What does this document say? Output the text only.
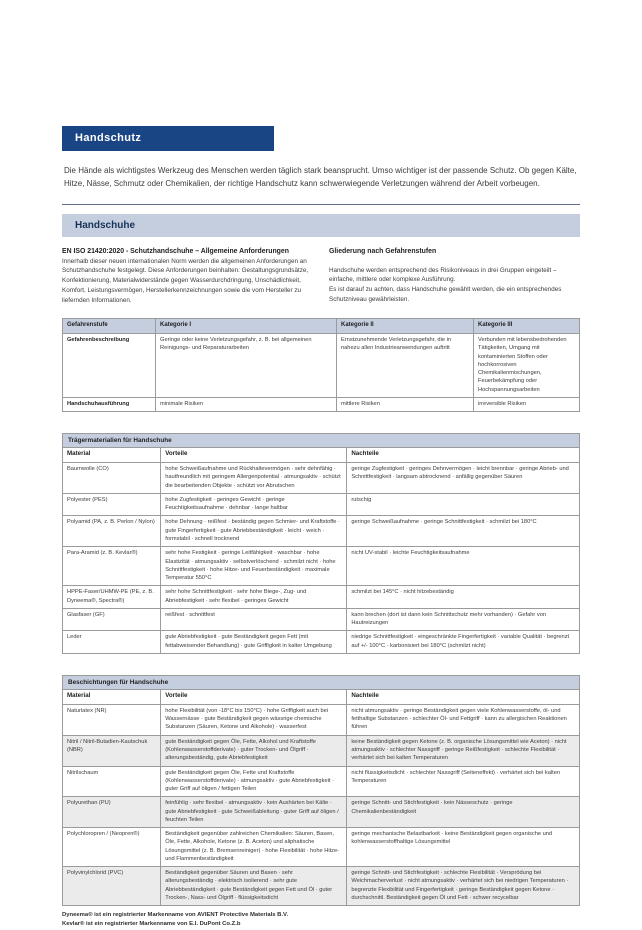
Handschutz

Die Hände als wichtigstes Werkzeug des Menschen werden täglich stark beansprucht. Umso wichtiger ist der passende Schutz. Ob gegen Kälte, Hitze, Nässe, Schmutz oder Chemikalien, der richtige Handschutz kann schwerwiegende Verletzungen während der Arbeit vorbeugen.

Handschuhe
EN ISO 21420:2020 - Schutzhandschuhe – Allgemeine Anforderungen

Innerhalb dieser neuen internationalen Norm werden die allgemeinen Anforderungen an Schutzhandschuhe festgelegt. Diese Anforderungen beinhalten: Gestaltungsgrundsätze, Konfektionierung, Materialwiderstände gegen Wasserdurchdringung, Unschädlichkeit, Komfort, Leistungsvermögen, Herstellerkennzeichnungen sowie die vom Hersteller zu liefernden Informationen.

Gliederung nach Gefahrenstufen

Handschuhe werden entsprechend des Risikoniveaus in drei Gruppen eingeteilt – einfache, mittlere oder komplexe Ausführung.

Es ist darauf zu achten, dass Handschuhe gewählt werden, die ein entsprechendes Schutzniveau gewährleisten.

Gefahrenstufe	Kategorie I	Kategorie II	Kategorie III
Gefahrenbeschreibung	Geringe oder keine Verletzungsgefahr, z. B. bei allgemeinen Reinigungs- und Reparaturarbeiten	Ernstzunehmende Verletzungsgefahr, die in nahezu allen Industrieanwendungen auftritt	Verbunden mit lebensbedrohenden Tätigkeiten, Umgang mit kontaminierten Stoffen oder hochkorrosiven Chemikalienmischungen, Feuerbekämpfung oder Hochspannungsarbeiten
Handschuhausführung	minimale Risiken	mittlere Risiken	irreversible Risiken
Trägermaterialien für Handschuhe
Material	Vorteile	Nachteile
Baumwolle (CO)	hohe Schweißaufnahme und Rückhaltevermögen · sehr dehnfähig · hautfreundlich mit geringem Allergenpotential · atmungsaktiv · schützt die bearbeitenden Objekte · schützt vor Abrutschen	geringe Zugfestigkeit · geringes Dehnvermögen · leicht brennbar · geringe Abrieb- und Schnittfestigkeit · langsam abtrocknend · anfällig gegenüber Säuren
Polyester (PES)	hohe Zugfestigkeit · geringes Gewicht · geringe Feuchtigkeitsaufnahme · dehnbar · lange haltbar	rutschig
Polyamid (PA, z. B. Perlon / Nylon)	hohe Dehnung · reißfest · beständig gegen Schmier- und Kraftstoffe · gute Fingerfertigkeit · gute Abriebbeständigkeit · leicht · weich · formstabil · schnell trocknend	geringe Schweißaufnahme · geringe Schnittfestigkeit · schmilzt bei 180°C
Para-Aramid (z. B. Kevlar®)	sehr hohe Festigkeit · geringe Leitfähigkeit · waschbar · hohe Elastizität · atmungsaktiv · selbstverlöschend · schmilzt nicht · hohe Schnittfestigkeit · hohe Hitze- und Feuerbeständigkeit · maximale Temperatur 550°C	nicht UV-stabil · leichte Feuchtigkeitsaufnahme
HPPE-Faser/UHMW-PE (PE, z. B. Dyneema®, Spectra®)	sehr hohe Schnittfestigkeit · sehr hohe Biege-, Zug- und Abriebfestigkeit · sehr flexibel · geringes Gewicht	schmilzt bei 145°C · nicht hitzebeständig
Glasfaser (GF)	reißfest · schnittfest	kann brechen (dort ist dann kein Schnittschutz mehr vorhanden) · Gefahr von Hautreizungen
Leder	gute Abriebfestigkeit · gute Beständigkeit gegen Fett (mit fettabweisender Behandlung) · gute Griffigkeit in kalter Umgebung	niedrige Schnittfestigkeit · eingeschränkte Fingerfertigkeit · variable Qualität · begrenzt auf +/- 100°C · karbonisiert bei 180°C (schmilzt nicht)
Beschichtungen für Handschuhe
Material	Vorteile	Nachteile
Naturlatex (NR)	hohe Flexibilität (von -18°C bis 150°C) · hohe Griffigkeit auch bei Wassernässe · gute Beständigkeit gegen wässrige chemische Substanzen (Säuren, Ketone und Alkohole) · wasserfest	nicht atmungsaktiv · geringe Beständigkeit gegen viele Kohlenwasserstoffe, öl- und fetthaltige Substanzen · schlechter Öl- und Fettgriff · kann zu allergischen Reaktionen führen
Nitril / Nitril-Butadien-Kautschuk (NBR)	gute Beständigkeit gegen Öle, Fette, Alkohol und Kraftstoffe (Kohlenwasserstoffderivate) · guter Trocken- und Ölgriff · alterungsbeständig, gute Abriebfestigkeit	keine Beständigkeit gegen Ketone (z. B. organische Lösungsmittel wie Aceton) · nicht atmungsaktiv · schlechter Nassgriff · geringe Reißfestigkeit · schlechte Flexibilität · verhärtet sich bei kalten Temperaturen
Nitrilschaum	gute Beständigkeit gegen Öle, Fette und Kraftstoffe (Kohlenwasserstoffderivate) · atmungsaktiv · gute Abriebfestigkeit · guter Griff auf öligen / fettigen Teilen	nicht flüssigkeitsdicht · schlechter Nassgriff (Seiteneffekt) · verhärtet sich bei kalten Temperaturen
Polyurethan (PU)	feinfühlig · sehr flexibel · atmungsaktiv · kein Aushärten bei Kälte · gute Abriebfestigkeit · gute Schweißableitung · guter Griff auf öligen / feuchten Teilen	geringe Schnitt- und Stichfestigkeit · kein Nässeschutz · geringe Chemikalienbeständigkeit
Polychloropren / (Neopren®)	Beständigkeit gegenüber zahlreichen Chemikalien: Säuren, Basen, Öle, Fette, Alkohole, Ketone (z. B. Aceton) und aliphatische Lösungsmittel (z. B. Bremsenreiniger) · hohe Flexibilität · hohe Hitze- und Flammenbeständigkeit	geringe mechanische Belastbarkeit · keine Beständigkeit gegen organische und kohlenwasserstoffhaltige Lösungsmittel
Polyvinylchlorid (PVC)	Beständigkeit gegenüber Säuren und Basen · sehr alterungsbeständig · elektrisch isolierend · sehr gute Abriebbeständigkeit · gute Beständigkeit gegen Fett und Öl · guter Trocken-, Nass- und Ölgriff · flüssigkeitsdicht	geringe Schnitt- und Stichfestigkeit · schlechte Flexibilität · Versprödung bei Weichmacherverlust · nicht atmungsaktiv · verhärtet sich bei niedrigen Temperaturen · begrenzte Flexibilität und Fingerfertigkeit · geringe Beständigkeit gegen Ketone · durchschnittl. Beständigkeit gegen Öl und Fett · schwer recycelbar
Dyneema® ist ein registrierter Markenname von AVIENT Protective Materials B.V.
Kevlar® ist ein registrierter Markenname von E.I. DuPont Co.Z.b
